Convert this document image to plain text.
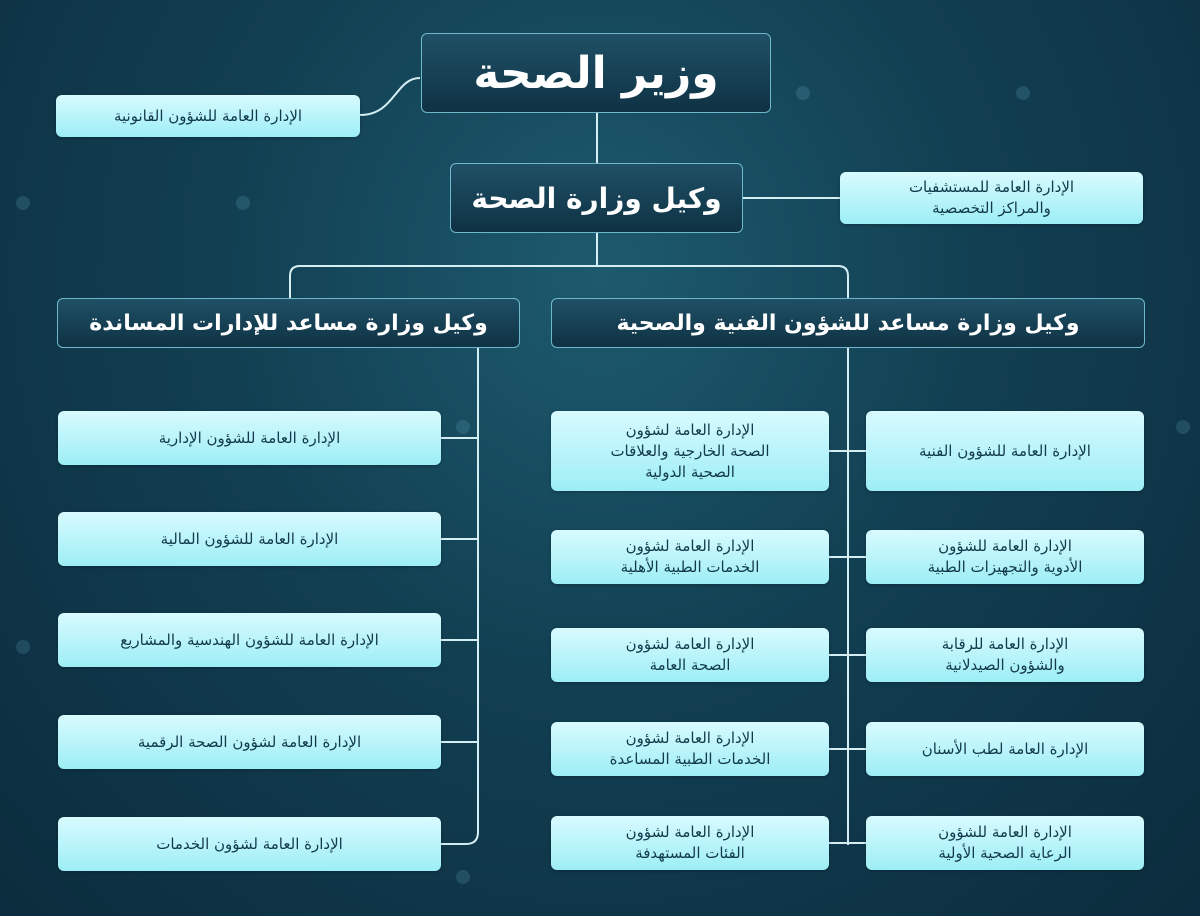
وزير الصحة
الإدارة العامة للشؤون القانونية
وكيل وزارة الصحة	الإدارة العامة للمستشفيات
والمراكز التخصصية
وكيل وزارة مساعد للشؤون الفنية والصحية
وكيل وزارة مساعد للإدارات المساندة
الإدارة العامة للشؤون الإدارية
الإدارة العامة للشؤون المالية
الإدارة العامة للشؤون الهندسية والمشاريع
الإدارة العامة لشؤون الصحة الرقمية
الإدارة العامة لشؤون الخدمات
الإدارة العامة للشؤون الفنية
الإدارة العامة للشؤون
الأدوية والتجهيزات الطبية
الإدارة العامة للرقابة
والشؤون الصيدلانية
الإدارة العامة لطب الأسنان
الإدارة العامة للشؤون
الرعاية الصحية الأولية
الإدارة العامة لشؤون
الصحة الخارجية والعلاقات
الصحية الدولية
الإدارة العامة لشؤون
الخدمات الطبية الأهلية
الإدارة العامة لشؤون
الصحة العامة
الإدارة العامة لشؤون
الخدمات الطبية المساعدة
الإدارة العامة لشؤون
الفئات المستهدفة
